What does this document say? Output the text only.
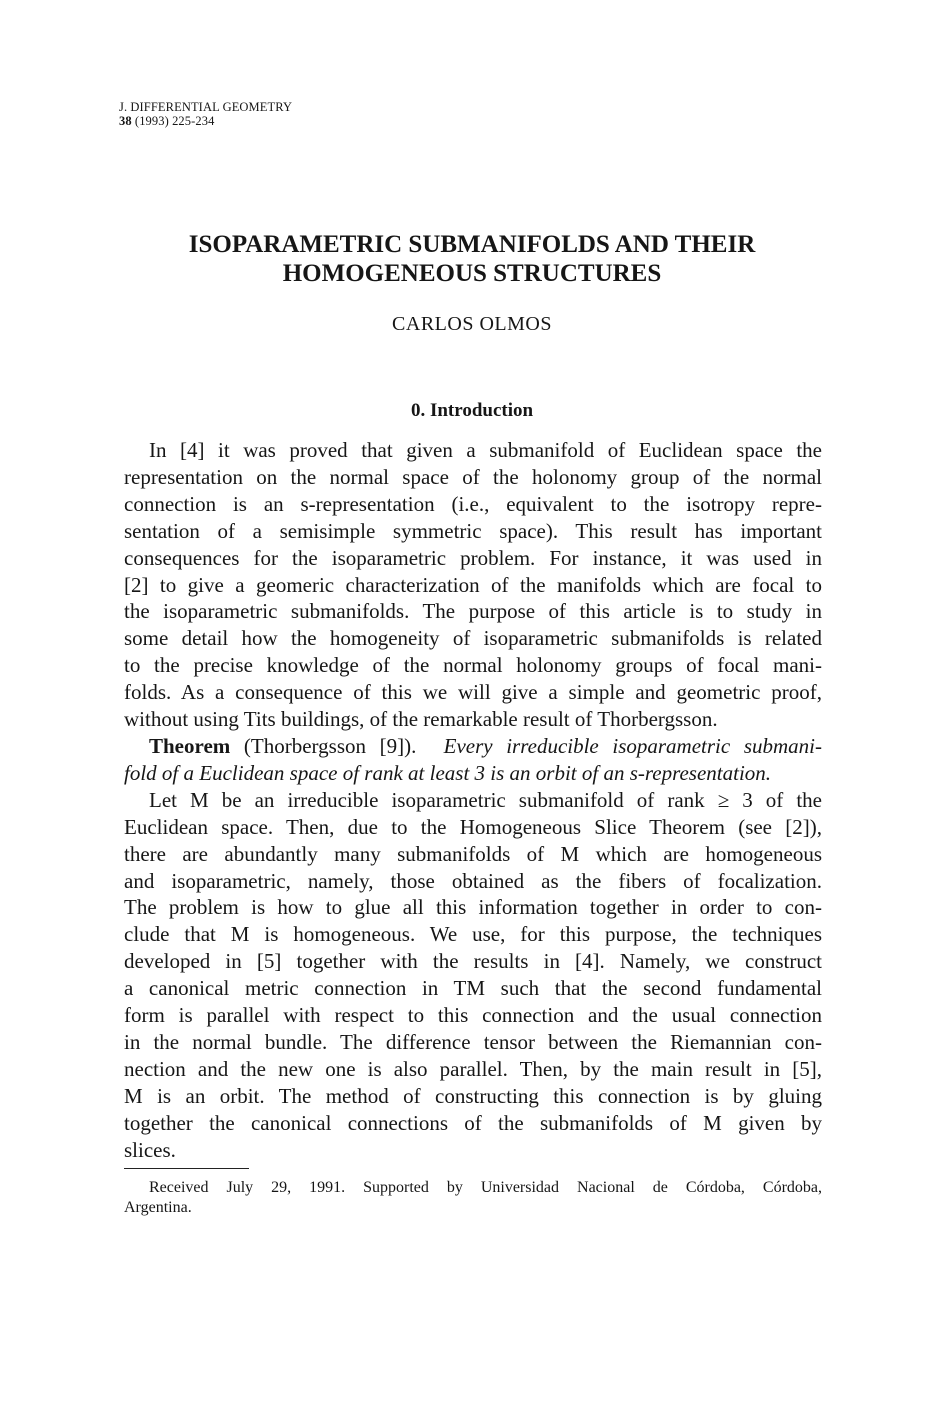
J. DIFFERENTIAL GEOMETRY
38 (1993) 225-234
ISOPARAMETRIC SUBMANIFOLDS AND THEIR
HOMOGENEOUS STRUCTURES
CARLOS OLMOS
0. Introduction
In [4] it was proved that given a submanifold of Euclidean space the
representation on the normal space of the holonomy group of the normal
connection is an s-representation (i.e., equivalent to the isotropy repre-
sentation of a semisimple symmetric space). This result has important
consequences for the isoparametric problem. For instance, it was used in
[2] to give a geomeric characterization of the manifolds which are focal to
the isoparametric submanifolds. The purpose of this article is to study in
some detail how the homogeneity of isoparametric submanifolds is related
to the precise knowledge of the normal holonomy groups of focal mani-
folds. As a consequence of this we will give a simple and geometric proof,
without using Tits buildings, of the remarkable result of Thorbergsson.
Theorem (Thorbergsson [9]). Every irreducible isoparametric submani-
fold of a Euclidean space of rank at least 3 is an orbit of an s-representation.
Let M be an irreducible isoparametric submanifold of rank ≥ 3 of the
Euclidean space. Then, due to the Homogeneous Slice Theorem (see [2]),
there are abundantly many submanifolds of M which are homogeneous
and isoparametric, namely, those obtained as the fibers of focalization.
The problem is how to glue all this information together in order to con-
clude that M is homogeneous. We use, for this purpose, the techniques
developed in [5] together with the results in [4]. Namely, we construct
a canonical metric connection in TM such that the second fundamental
form is parallel with respect to this connection and the usual connection
in the normal bundle. The difference tensor between the Riemannian con-
nection and the new one is also parallel. Then, by the main result in [5],
M is an orbit. The method of constructing this connection is by gluing
together the canonical connections of the submanifolds of M given by
slices.
Received July 29, 1991. Supported by Universidad Nacional de Córdoba, Córdoba,
Argentina.
